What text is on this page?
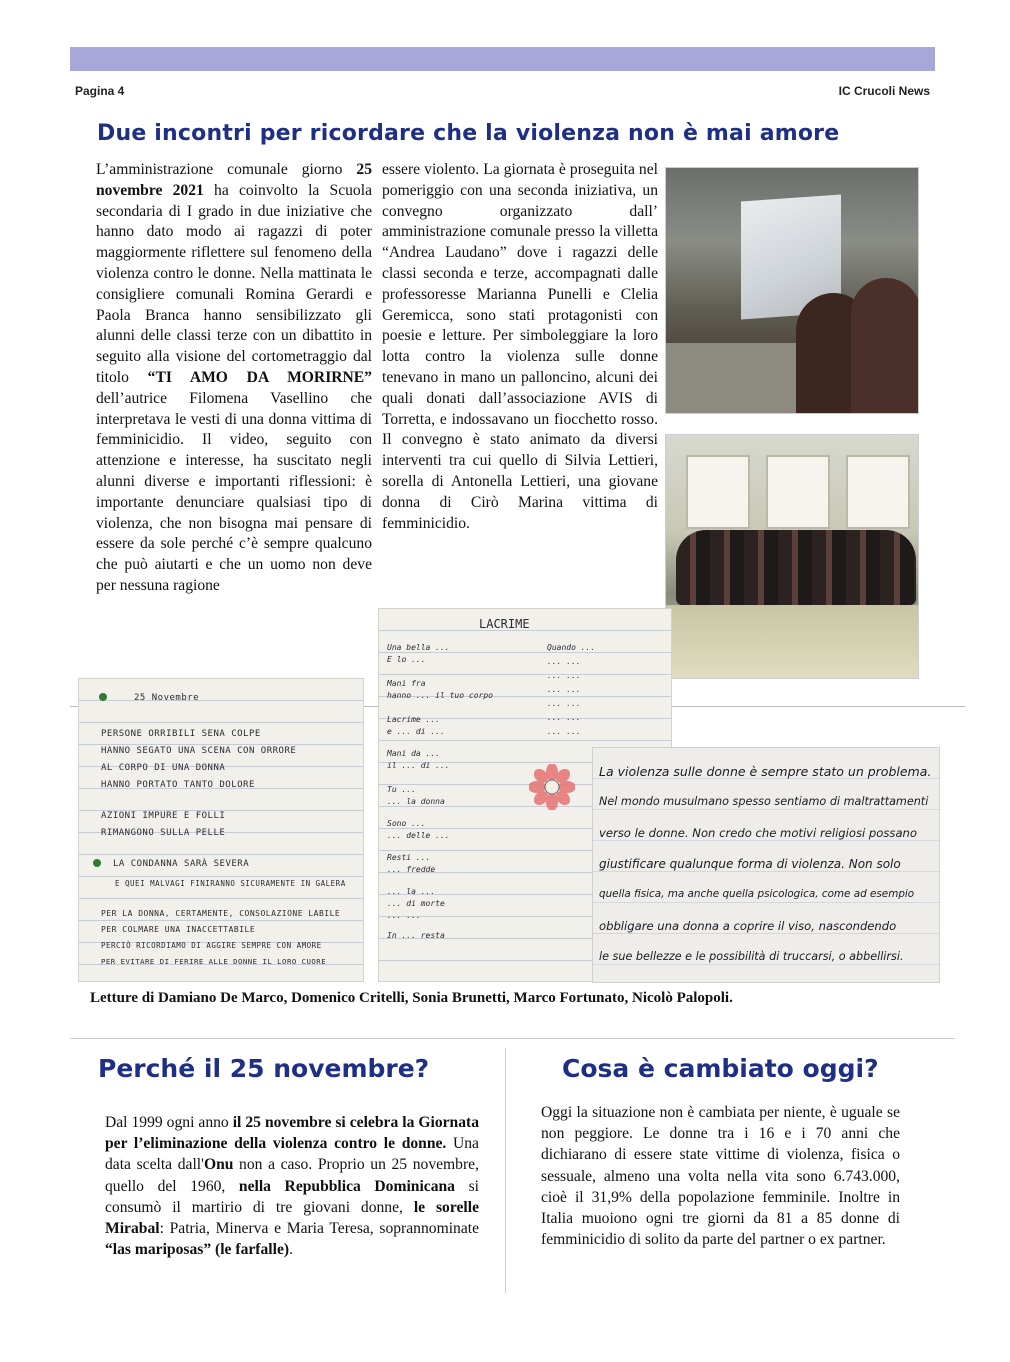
Pagina 4	IC Crucoli News
Due incontri per ricordare che la violenza non è mai amore

L’amministrazione comunale giorno 25 novembre 2021 ha coinvolto la Scuola secondaria di I grado in due iniziative che hanno dato modo ai ragazzi di poter maggiormente riflettere sul fenomeno della violenza contro le donne. Nella mattinata le consigliere comunali Romina Gerardi e Paola Branca hanno sensibilizzato gli alunni delle classi terze con un dibattito in seguito alla visione del cortometraggio dal titolo “TI AMO DA MORIRNE” dell’autrice Filomena Vasellino che interpretava le vesti di una donna vittima di femminicidio. Il video, seguito con attenzione e interesse, ha suscitato negli alunni diverse e importanti riflessioni: è importante denunciare qualsiasi tipo di violenza, che non bisogna mai pensare di essere da sole perché c’è sempre qualcuno che può aiutarti e che un uomo non deve per nessuna ragione

essere violento. La giornata è proseguita nel pomeriggio con una seconda iniziativa, un convegno organizzato dall’ amministrazione comunale presso la villetta “Andrea Laudano” dove i ragazzi delle classi seconda e terze, accompagnati dalle professoresse Marianna Punelli e Clelia Geremicca, sono stati protagonisti con poesie e letture. Per simboleggiare la loro lotta contro la violenza sulle donne tenevano in mano un palloncino, alcuni dei quali donati dall’associazione AVIS di Torretta, e indossavano un fiocchetto rosso. Il convegno è stato animato da diversi interventi tra cui quello di Silvia Lettieri, sorella di Antonella Lettieri, una giovane donna di Cirò Marina vittima di femminicidio.

25 Novembre
PERSONE ORRIBILI SENA COLPE
HANNO SEGATO UNA SCENA CON ORRORE
AL CORPO DI UNA DONNA
HANNO PORTATO TANTO DOLORE
AZIONI IMPURE E FOLLI
RIMANGONO SULLA PELLE
LA CONDANNA SARÀ SEVERA
E QUEI MALVAGI FINIRANNO SICURAMENTE IN GALERA
PER LA DONNA, CERTAMENTE, CONSOLAZIONE LABILE
PER COLMARE UNA INACCETTABILE
PERCIÒ RICORDIAMO DI AGGIRE SEMPRE CON AMORE
PER EVITARE DI FERIRE ALLE DONNE IL LORO CUORE
LACRIME
Una bella ...
E lo ...
Mani fra
hanno ... il tuo corpo
Lacrime ...
e ... di ...
Mani da ...
il ... di ...
Tu ...
... la donna
Sono ...
... delle ...
Resti ...
... fredde
... la ...
... di morte
... ...
In ... resta
Quando ...
... ...
... ...
... ...
... ...
... ...
... ...
La violenza sulle donne è sempre stato un problema.
Nel mondo musulmano spesso sentiamo di maltrattamenti
verso le donne. Non credo che motivi religiosi possano
giustificare qualunque forma di violenza. Non solo
quella fisica, ma anche quella psicologica, come ad esempio
obbligare una donna a coprire il viso, nascondendo
le sue bellezze e le possibilità di truccarsi, o abbellirsi.
Letture di Damiano De Marco, Domenico Critelli, Sonia Brunetti, Marco Fortunato, Nicolò Palopoli.
Perché il 25 novembre?

Dal 1999 ogni anno il 25 novembre si celebra la Giornata per l’eliminazione della violenza contro le donne. Una data scelta dall'Onu non a caso. Proprio un 25 novembre, quello del 1960, nella Repubblica Dominicana si consumò il martirio di tre giovani donne, le sorelle Mirabal: Patria, Minerva e Maria Teresa, soprannominate “las mariposas” (le farfalle).

Cosa è cambiato oggi?

Oggi la situazione non è cambiata per niente, è uguale se non peggiore. Le donne tra i 16 e i 70 anni che dichiarano di essere state vittime di violenza, fisica o sessuale, almeno una volta nella vita sono 6.743.000, cioè il 31,9% della popolazione femminile. Inoltre in Italia muoiono ogni tre giorni da 81 a 85 donne di femminicidio di solito da parte del partner o ex partner.
